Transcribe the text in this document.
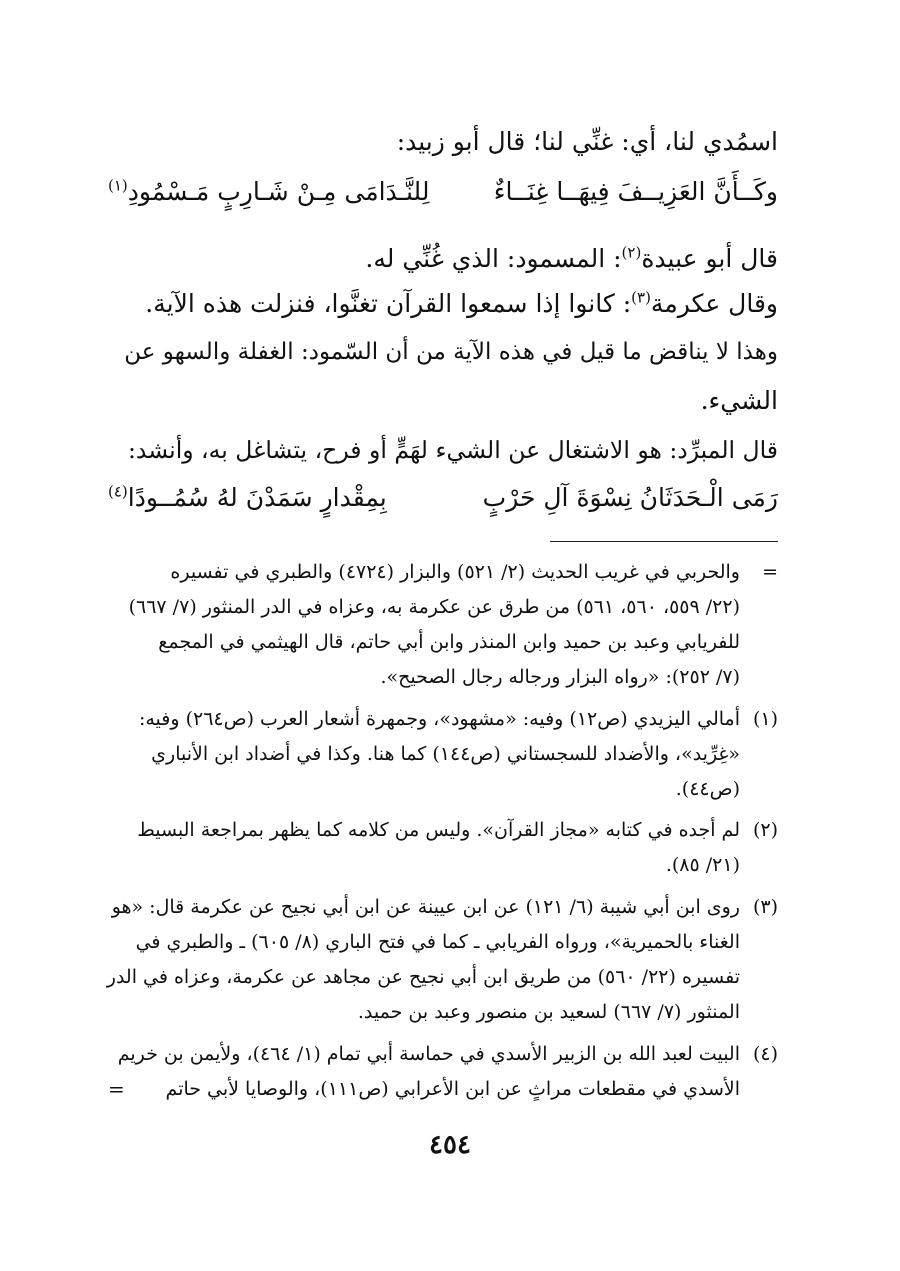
اسمُدي لنا، أي: غنِّي لنا؛ قال أبو زبيد:
وكَــأَنَّ العَزِيــفَ فِيهَــا غِنَــاءٌ
لِلنَّـدَامَى مِـنْ شَـارِبٍ مَـسْمُودِ$^{(١)}$
قال أبو عبيدة$^{(٢)}$: المسمود: الذي غُنِّي له.
وقال عكرمة$^{(٣)}$: كانوا إذا سمعوا القرآن تغنَّوا، فنزلت هذه الآية.
وهذا لا يناقض ما قيل في هذه الآية من أن السّمود: الغفلة والسهو عن
الشيء.
قال المبرِّد: هو الاشتغال عن الشيء لهَمٍّ أو فرح، يتشاغل به، وأنشد:
رَمَى الْـحَدَثَانُ نِسْوَةَ آلِ حَرْبٍ
بِمِقْدارٍ سَمَدْنَ لهُ سُمُــودًا$^{(٤)}$
=
والحربي في غريب الحديث (٢/ ٥٢١) والبزار (٤٧٢٤) والطبري في تفسيره
(٢٢/ ٥٥٩، ٥٦٠، ٥٦١) من طرق عن عكرمة به، وعزاه في الدر المنثور (٧/ ٦٦٧)
للفريابي وعبد بن حميد وابن المنذر وابن أبي حاتم، قال الهيثمي في المجمع
(٧/ ٢٥٢): «رواه البزار ورجاله رجال الصحيح».
(١)
أمالي اليزيدي (ص١٢) وفيه: «مشهود»، وجمهرة أشعار العرب (ص٢٦٤) وفيه:
«غِرِّيد»، والأضداد للسجستاني (ص١٤٤) كما هنا. وكذا في أضداد ابن الأنباري
(ص٤٤).
(٢)
لم أجده في كتابه «مجاز القرآن». وليس من كلامه كما يظهر بمراجعة البسيط
(٢١/ ٨٥).
(٣)
روى ابن أبي شيبة (٦/ ١٢١) عن ابن عيينة عن ابن أبي نجيح عن عكرمة قال: «هو
الغناء بالحميرية»، ورواه الفريابي ـ كما في فتح الباري (٨/ ٦٠٥) ـ والطبري في
تفسيره (٢٢/ ٥٦٠) من طريق ابن أبي نجيح عن مجاهد عن عكرمة، وعزاه في الدر
المنثور (٧/ ٦٦٧) لسعيد بن منصور وعبد بن حميد.
(٤)
البيت لعبد الله بن الزبير الأسدي في حماسة أبي تمام (١/ ٤٦٤)، ولأيمن بن خريم
الأسدي في مقطعات مراثٍ عن ابن الأعرابي (ص١١١)، والوصايا لأبي حاتم
=
٤٥٤
